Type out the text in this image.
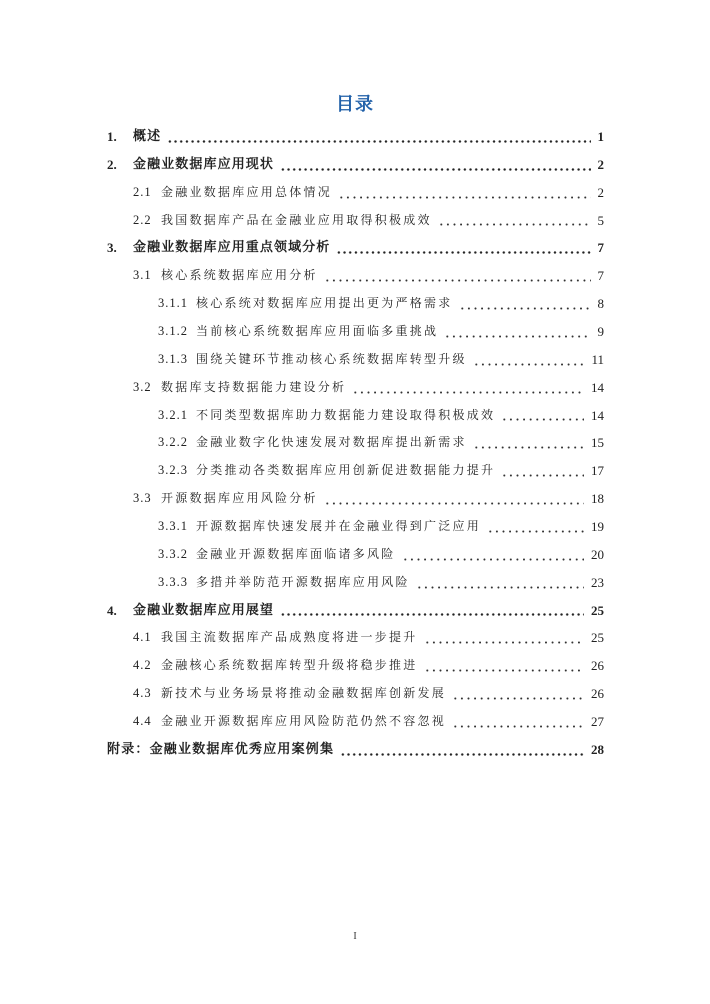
目录
1.	概述	1
2.	金融业数据库应用现状	2
2.1 金融业数据库应用总体情况	2
2.2 我国数据库产品在金融业应用取得积极成效	5
3.	金融业数据库应用重点领域分析	7
3.1 核心系统数据库应用分析	7
3.1.1 核心系统对数据库应用提出更为严格需求	8
3.1.2 当前核心系统数据库应用面临多重挑战	9
3.1.3 围绕关键环节推动核心系统数据库转型升级	11
3.2 数据库支持数据能力建设分析	14
3.2.1 不同类型数据库助力数据能力建设取得积极成效	14
3.2.2 金融业数字化快速发展对数据库提出新需求	15
3.2.3 分类推动各类数据库应用创新促进数据能力提升	17
3.3 开源数据库应用风险分析	18
3.3.1 开源数据库快速发展并在金融业得到广泛应用	19
3.3.2 金融业开源数据库面临诸多风险	20
3.3.3 多措并举防范开源数据库应用风险	23
4.	金融业数据库应用展望	25
4.1 我国主流数据库产品成熟度将进一步提升	25
4.2 金融核心系统数据库转型升级将稳步推进	26
4.3 新技术与业务场景将推动金融数据库创新发展	26
4.4 金融业开源数据库应用风险防范仍然不容忽视	27
附录：金融业数据库优秀应用案例集	28
I
